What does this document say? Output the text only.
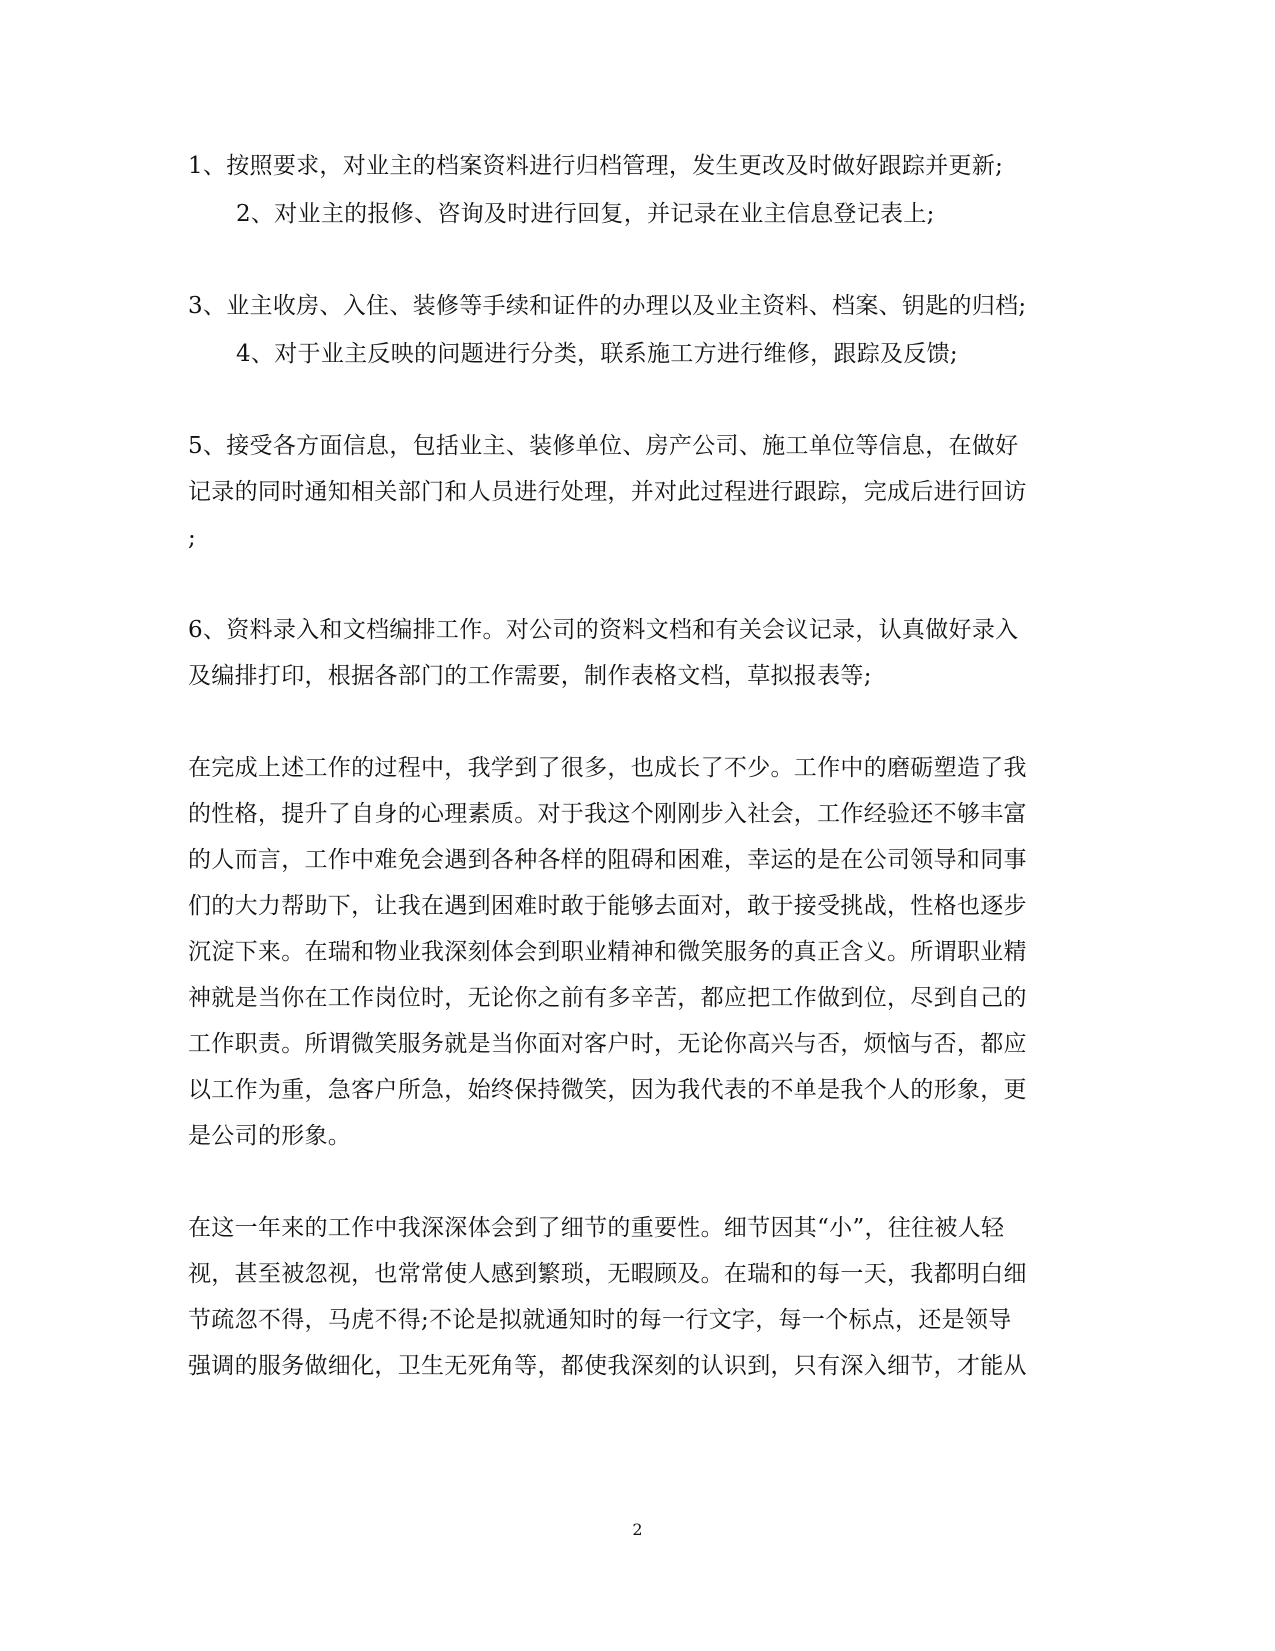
1、按照要求，对业主的档案资料进行归档管理，发生更改及时做好跟踪并更新;
2、对业主的报修、咨询及时进行回复，并记录在业主信息登记表上;
3、业主收房、入住、装修等手续和证件的办理以及业主资料、档案、钥匙的归档;
4、对于业主反映的问题进行分类，联系施工方进行维修，跟踪及反馈;
5、接受各方面信息，包括业主、装修单位、房产公司、施工单位等信息，在做好
记录的同时通知相关部门和人员进行处理，并对此过程进行跟踪，完成后进行回访
;
6、资料录入和文档编排工作。对公司的资料文档和有关会议记录，认真做好录入
及编排打印，根据各部门的工作需要，制作表格文档，草拟报表等;
在完成上述工作的过程中，我学到了很多，也成长了不少。工作中的磨砺塑造了我
的性格，提升了自身的心理素质。对于我这个刚刚步入社会，工作经验还不够丰富
的人而言，工作中难免会遇到各种各样的阻碍和困难，幸运的是在公司领导和同事
们的大力帮助下，让我在遇到困难时敢于能够去面对，敢于接受挑战，性格也逐步
沉淀下来。在瑞和物业我深刻体会到职业精神和微笑服务的真正含义。所谓职业精
神就是当你在工作岗位时，无论你之前有多辛苦，都应把工作做到位，尽到自己的
工作职责。所谓微笑服务就是当你面对客户时，无论你高兴与否，烦恼与否，都应
以工作为重，急客户所急，始终保持微笑，因为我代表的不单是我个人的形象，更
是公司的形象。
在这一年来的工作中我深深体会到了细节的重要性。细节因其“小”，往往被人轻
视，甚至被忽视，也常常使人感到繁琐，无暇顾及。在瑞和的每一天，我都明白细
节疏忽不得，马虎不得;不论是拟就通知时的每一行文字，每一个标点，还是领导
强调的服务做细化，卫生无死角等，都使我深刻的认识到，只有深入细节，才能从
2
